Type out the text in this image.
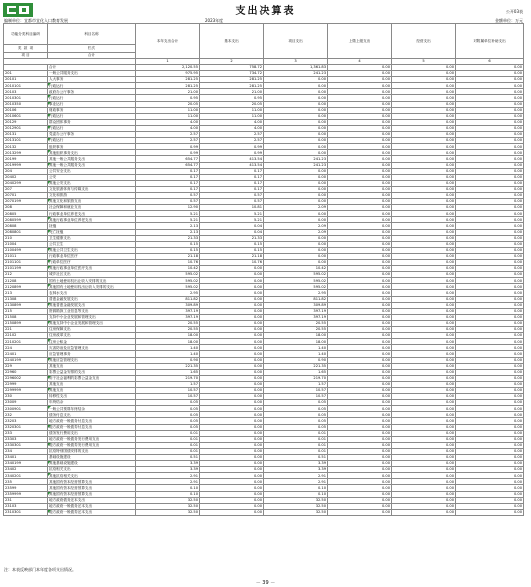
支出决算表	公开03表
编制单位：宜都市宜化入口教育发展	2023年度	金额单位：万元
功能分类科目编码	科目名称	本年支出合计	基本支出	项目支出	上缴上级支出	经营支出	对附属单位补助支出
类 款 项	栏次						
项 目	合计						
		1	2	3	4	5	6
	合计	2,120.55	758.72	1,361.83	0.00	0.00	0.00
201	一般公共服务支出	975.95	734.72	241.23	0.00	0.00	0.00
20101	人大事务	281.25	281.25	0.00	0.00	0.00	0.00
2010101	行政运行	281.25	281.25	0.00	0.00	0.00	0.00
20103	政府办公厅事务	21.00	21.00	0.00	0.00	0.00	0.00
2010301	行政运行	0.95	0.95	0.00	0.00	0.00	0.00
2010350	事业运行	20.05	20.05	0.00	0.00	0.00	0.00
20106	财政事务	11.00	11.00	0.00	0.00	0.00	0.00
2010601	行政运行	11.00	11.00	0.00	0.00	0.00	0.00
20129	群众团体事务	4.00	4.00	0.00	0.00	0.00	0.00
2012901	行政运行	4.00	4.00	0.00	0.00	0.00	0.00
20131	党委办公厅事务	2.57	2.57	0.00	0.00	0.00	0.00
2013101	行政运行	2.57	2.57	0.00	0.00	0.00	0.00
20132	组织事务	0.99	0.99	0.00	0.00	0.00	0.00
2013299	其他组织事务支出	0.99	0.99	0.00	0.00	0.00	0.00
20199	其他一般公共服务支出	654.77	413.54	241.23	0.00	0.00	0.00
2019999	其他一般公共服务支出	654.77	413.54	241.23	0.00	0.00	0.00
204	公共安全支出	0.17	0.17	0.00	0.00	0.00	0.00
20402	公安	0.17	0.17	0.00	0.00	0.00	0.00
2040299	其他公安支出	0.17	0.17	0.00	0.00	0.00	0.00
207	文化旅游体育与传媒支出	0.17	0.17	0.00	0.00	0.00	0.00
20701	文化和旅游	0.57	0.57	0.00	0.00	0.00	0.00
2070199	其他文化和旅游支出	0.57	0.57	0.00	0.00	0.00	0.00
208	社会保障和就业支出	12.90	10.81	2.09	0.00	0.00	0.00
20805	行政事业单位养老支出	5.21	5.21	0.00	0.00	0.00	0.00
2080599	其他行政事业单位养老支出	5.21	5.21	0.00	0.00	0.00	0.00
20808	抚恤	2.13	0.04	2.09	0.00	0.00	0.00
2080801	死亡抚恤	2.13	0.04	2.09	0.00	0.00	0.00
210	卫生健康支出	21.33	21.33	0.00	0.00	0.00	0.00
21004	公共卫生	0.15	0.15	0.00	0.00	0.00	0.00
2100499	其他公共卫生支出	0.15	0.15	0.00	0.00	0.00	0.00
21011	行政事业单位医疗	21.18	21.18	0.00	0.00	0.00	0.00
2101101	行政单位医疗	10.76	10.76	0.00	0.00	0.00	0.00
2101199	其他行政事业单位医疗支出	10.42	0.00	10.42	0.00	0.00	0.00
212	城乡社区支出	595.02	0.00	595.02	0.00	0.00	0.00
21208	国有土地使用权出让收入安排的支出	595.02	0.00	595.02	0.00	0.00	0.00
2120899	其他国有土地使用权出让收入安排的支出	595.02	0.00	595.02	0.00	0.00	0.00
213	农林水支出	2.95	0.00	2.95	0.00	0.00	0.00
21308	普惠金融发展支出	811.82	0.00	811.82	0.00	0.00	0.00
2130899	其他普惠金融发展支出	309.89	0.00	309.89	0.00	0.00	0.00
215	资源勘探工业信息等支出	397.19	0.00	397.19	0.00	0.00	0.00
21508	支持中小企业发展和管理支出	397.19	0.00	397.19	0.00	0.00	0.00
2150899	其他支持中小企业发展和管理支出	20.55	0.00	20.55	0.00	0.00	0.00
221	住房保障支出	20.55	0.00	20.55	0.00	0.00	0.00
22102	住房改革支出	18.00	0.00	18.00	0.00	0.00	0.00
2210201	住房公积金	18.00	0.00	18.00	0.00	0.00	0.00
224	灾害防治及应急管理支出	1.40	0.00	1.40	0.00	0.00	0.00
22401	应急管理事务	1.40	0.00	1.40	0.00	0.00	0.00
2240199	其他应急管理支出	0.90	0.00	0.90	0.00	0.00	0.00
229	其他支出	221.35	0.00	221.35	0.00	0.00	0.00
22960	彩票公益金安排的支出	1.65	0.00	1.65	0.00	0.00	0.00
2296002	用于社会福利的彩票公益金支出	219.70	0.00	219.70	0.00	0.00	0.00
22999	其他支出	1.57	0.00	1.57	0.00	0.00	0.00
2299999	其他支出	10.57	0.00	10.57	0.00	0.00	0.00
230	转移性支出	10.57	0.00	10.57	0.00	0.00	0.00
23009	年终结余	0.05	0.00	0.05	0.00	0.00	0.00
2300901	一般公共预算年终结余	0.05	0.00	0.05	0.00	0.00	0.00
232	债务付息支出	0.05	0.00	0.05	0.00	0.00	0.00
23203	地方政府一般债务付息支出	0.05	0.00	0.05	0.00	0.00	0.00
2320301	地方政府一般债券付息支出	0.05	0.00	0.05	0.00	0.00	0.00
233	债务发行费用支出	0.01	0.00	0.01	0.00	0.00	0.00
23303	地方政府一般债务发行费用支出	0.01	0.00	0.01	0.00	0.00	0.00
2330301	地方政府一般债券发行费用支出	0.01	0.00	0.01	0.00	0.00	0.00
234	抗疫特别国债安排的支出	0.01	0.00	0.01	0.00	0.00	0.00
23401	基础设施建设	0.51	0.00	0.51	0.00	0.00	0.00
2340199	其他基础设施建设	3.39	0.00	3.39	0.00	0.00	0.00
23402	抗疫相关支出	3.39	0.00	3.39	0.00	0.00	0.00
2340201	其他抗疫相关支出	2.91	0.00	2.91	0.00	0.00	0.00
235	其他国有资本经营预算支出	2.91	0.00	2.91	0.00	0.00	0.00
23599	其他国有资本经营预算支出	0.10	0.00	0.10	0.00	0.00	0.00
2359999	其他国有资本经营预算支出	0.10	0.00	0.10	0.00	0.00	0.00
231	地方政府债务还本支出	32.50	0.00	32.50	0.00	0.00	0.00
23103	地方政府一般债务还本支出	32.50	0.00	32.50	0.00	0.00	0.00
2310301	地方政府一般债券还本支出	32.50	0.00	32.50	0.00	0.00	0.00
注：本表反映部门本年度各项支出情况。
－ 39 －
